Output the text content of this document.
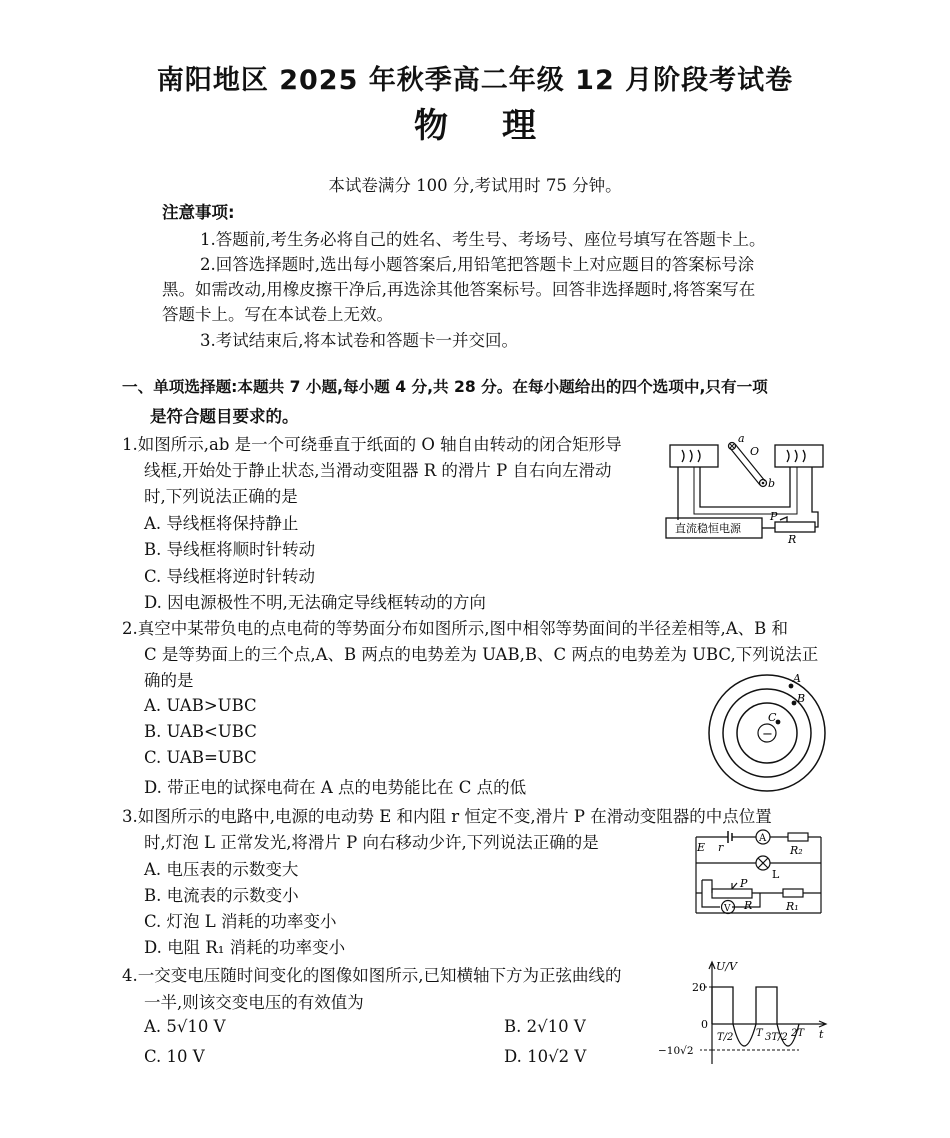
南阳地区 2025 年秋季高二年级 12 月阶段考试卷
物理
本试卷满分 100 分,考试用时 75 分钟。
注意事项:
1.答题前,考生务必将自己的姓名、考生号、考场号、座位号填写在答题卡上。
2.回答选择题时,选出每小题答案后,用铅笔把答题卡上对应题目的答案标号涂
黑。如需改动,用橡皮擦干净后,再选涂其他答案标号。回答非选择题时,将答案写在
答题卡上。写在本试卷上无效。
3.考试结束后,将本试卷和答题卡一并交回。
一、单项选择题:本题共 7 小题,每小题 4 分,共 28 分。在每小题给出的四个选项中,只有一项
是符合题目要求的。
1.如图所示,ab 是一个可绕垂直于纸面的 O 轴自由转动的闭合矩形导
线框,开始处于静止状态,当滑动变阻器 R 的滑片 P 自右向左滑动
时,下列说法正确的是
A. 导线框将保持静止
B. 导线框将顺时针转动
C. 导线框将逆时针转动
D. 因电源极性不明,无法确定导线框转动的方向
a
O
b
P
R
直流稳恒电源
2.真空中某带负电的点电荷的等势面分布如图所示,图中相邻等势面间的半径差相等,A、B 和
C 是等势面上的三个点,A、B 两点的电势差为 UAB,B、C 两点的电势差为 UBC,下列说法正
确的是
A. UAB>UBC
B. UAB<UBC
C. UAB=UBC
D. 带正电的试探电荷在 A 点的电势能比在 C 点的低
A
B
C
−
3.如图所示的电路中,电源的电动势 E 和内阻 r 恒定不变,滑片 P 在滑动变阻器的中点位置
时,灯泡 L 正常发光,将滑片 P 向右移动少许,下列说法正确的是
A. 电压表的示数变大
B. 电流表的示数变小
C. 灯泡 L 消耗的功率变小
D. 电阻 R₁ 消耗的功率变小
E r
A
R₂
L
P
R	R₁
V
4.一交变电压随时间变化的图像如图所示,已知横轴下方为正弦曲线的
一半,则该交变电压的有效值为
A. 5√10 V	B. 2√10 V
C. 10 V	D. 10√2 V
U/V
20
0
−10√2
T/2 T 3T/2 2T t
